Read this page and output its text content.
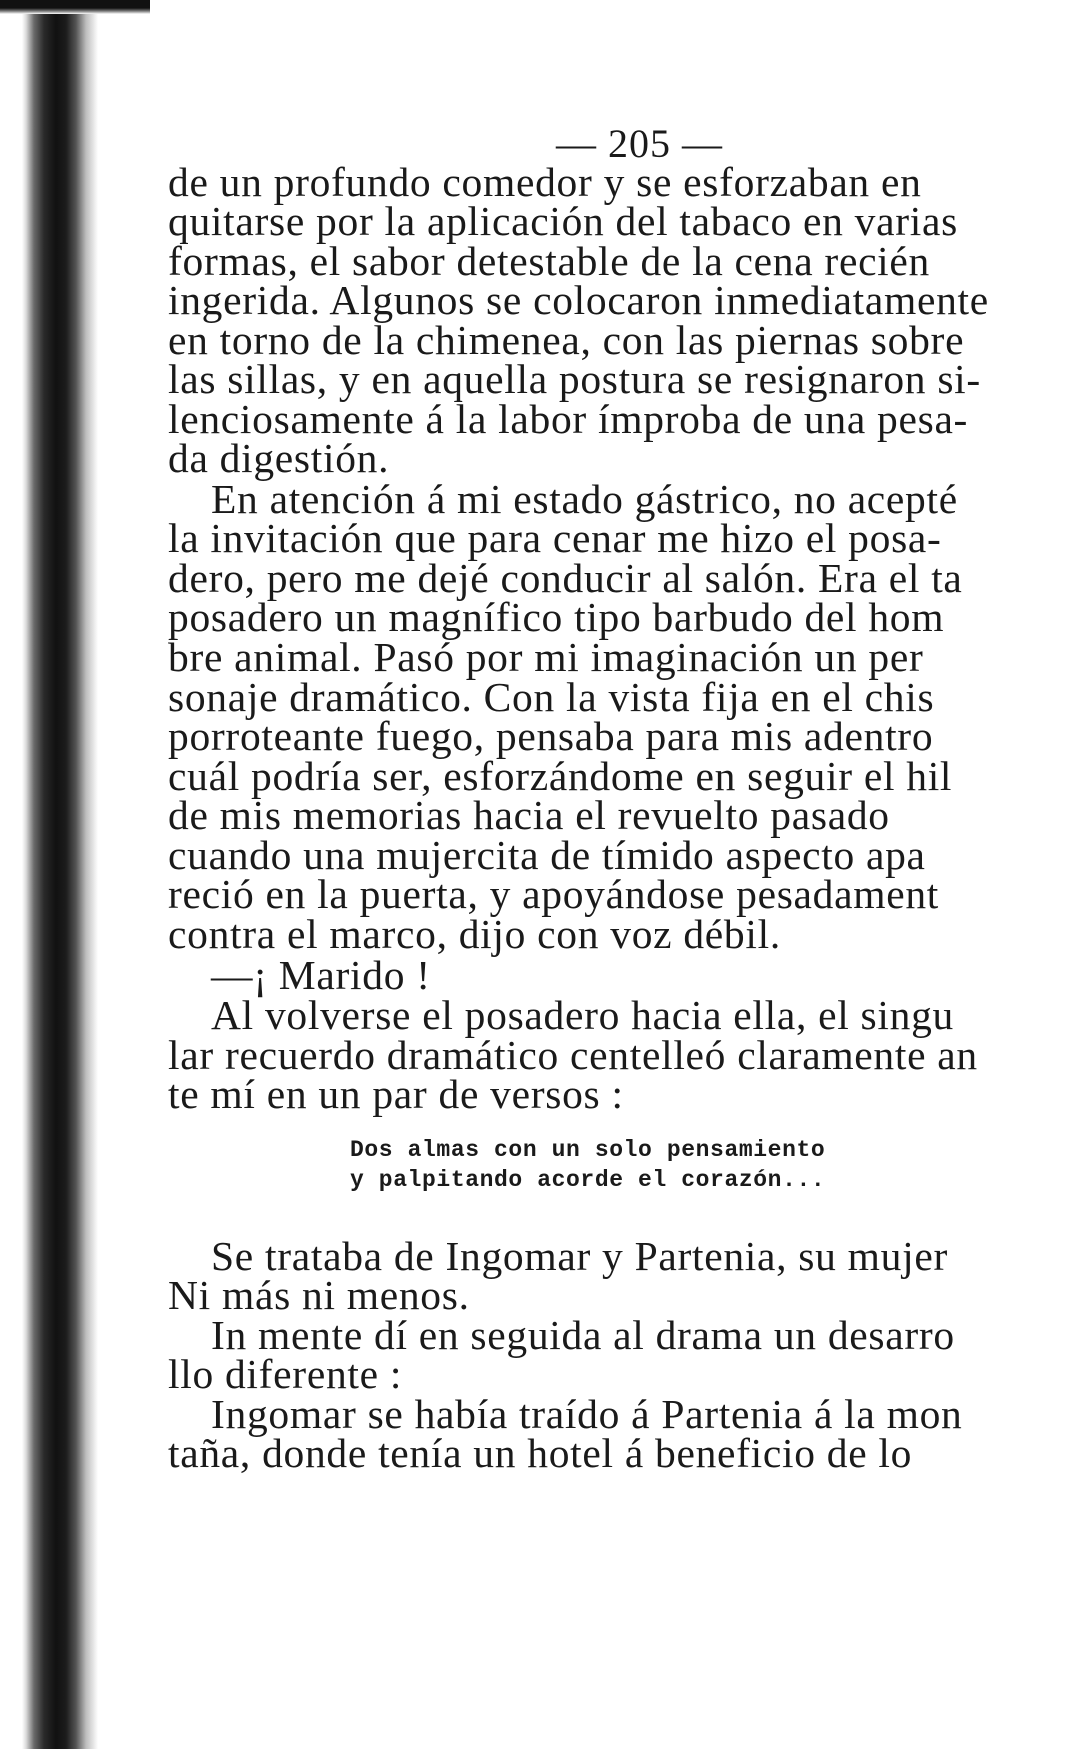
— 205 —
de un profundo comedor y se esforzaban en
quitarse por la aplicación del tabaco en varias
formas, el sabor detestable de la cena recién
ingerida. Algunos se colocaron inmediatamente
en torno de la chimenea, con las piernas sobre
las sillas, y en aquella postura se resignaron si-
lenciosamente á la labor ímproba de una pesa-
da digestión.
En atención á mi estado gástrico, no acepté
la invitación que para cenar me hizo el posa-
dero, pero me dejé conducir al salón. Era el ta
posadero un magnífico tipo barbudo del hom
bre animal. Pasó por mi imaginación un per
sonaje dramático. Con la vista fija en el chis
porroteante fuego, pensaba para mis adentro
cuál podría ser, esforzándome en seguir el hil
de mis memorias hacia el revuelto pasado
cuando una mujercita de tímido aspecto apa
reció en la puerta, y apoyándose pesadament
contra el marco, dijo con voz débil.
—¡ Marido !
Al volverse el posadero hacia ella, el singu
lar recuerdo dramático centelleó claramente an
te mí en un par de versos :
Dos almas con un solo pensamiento
y palpitando acorde el corazón...
Se trataba de Ingomar y Partenia, su mujer
Ni más ni menos.
In mente dí en seguida al drama un desarro
llo diferente :
Ingomar se había traído á Partenia á la mon
taña, donde tenía un hotel á beneficio de lo
